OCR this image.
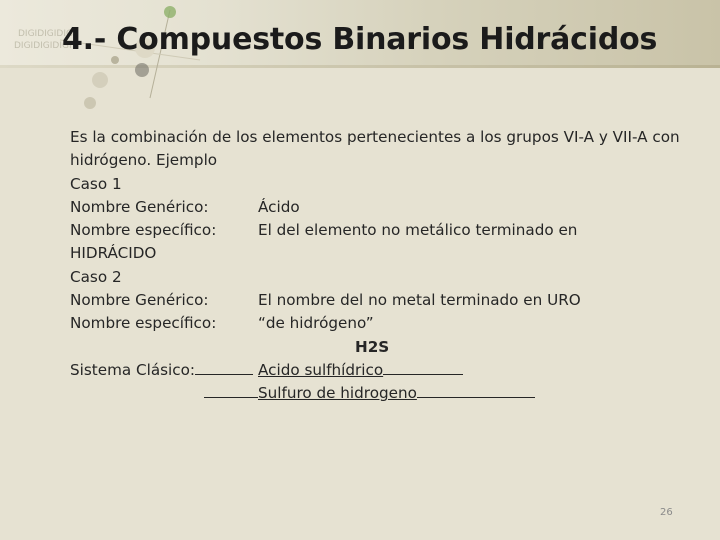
DIGIDIGIDIGI
DIGIDIGIDIGI
4.- Compuestos Binarios Hidrácidos
Es la combinación de los elementos pertenecientes a los grupos VI-A y VII-A con hidrógeno. Ejemplo
Caso 1
Nombre Genérico:	Ácido
Nombre específico:	El del elemento no metálico terminado en
HIDRÁCIDO
Caso 2
Nombre Genérico:	El nombre del no metal terminado en URO
Nombre específico:	“de hidrógeno”
H2S
Sistema Clásico:	Acido sulfhídrico
Sulfuro de hidrogeno
26
